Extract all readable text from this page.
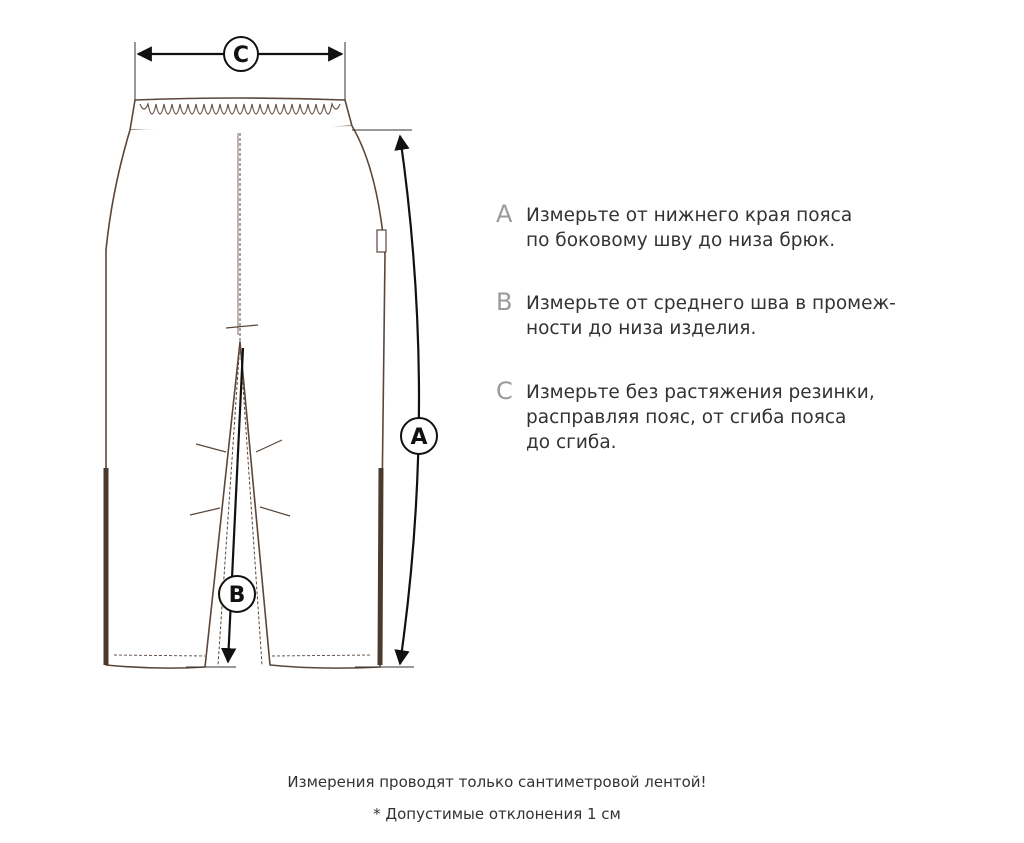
C
A
B
A Измерьте от нижнего края пояса
по боковому шву до низа брюк.
B Измерьте от среднего шва в промеж-
ности до низа изделия.
C Измерьте без растяжения резинки,
расправляя пояс, от сгиба пояса
до сгиба.
Измерения проводят только сантиметровой лентой!
* Допустимые отклонения 1 см
